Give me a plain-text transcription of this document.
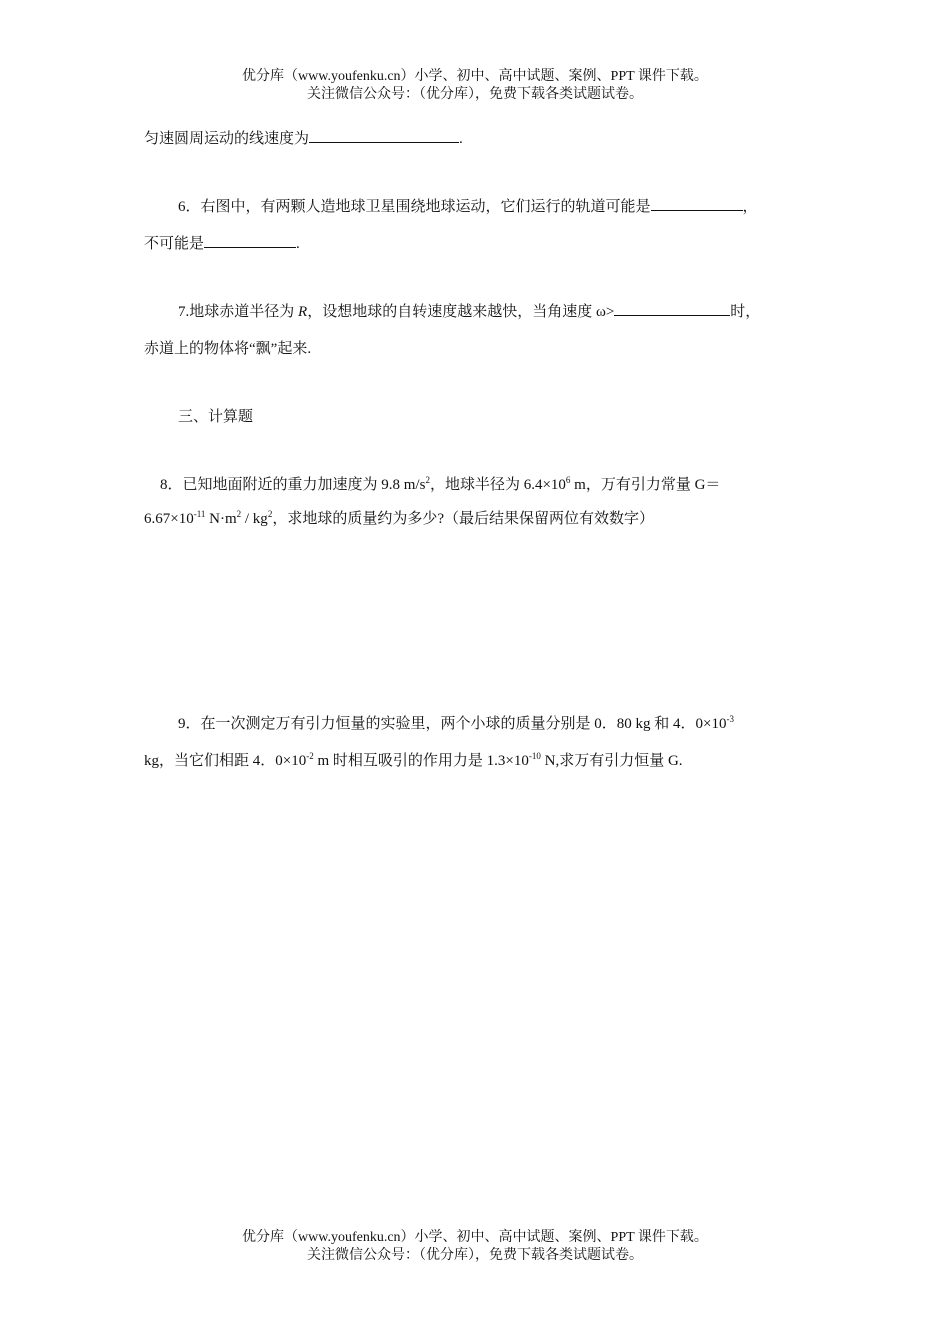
优分库（www.youfenku.cn）小学、初中、高中试题、案例、PPT 课件下载。
关注微信公众号：（优分库），免费下载各类试题试卷。
匀速圆周运动的线速度为	.
6．右图中，有两颗人造地球卫星围绕地球运动，它们运行的轨道可能是	，
不可能是	.
7.地球赤道半径为 R，设想地球的自转速度越来越快，当角速度 ω>	时，
赤道上的物体将“飘”起来.
三、计算题
8．已知地面附近的重力加速度为 9.8 $m/s^2$，地球半径为 $6.4\times 10^6$ m，万有引力常量 G＝
$6.67\times 10^{-11}$ $N\cdot m^2 / kg^2$，求地球的质量约为多少?（最后结果保留两位有效数字）
9．在一次测定万有引力恒量的实验里，两个小球的质量分别是 0．80 kg 和 4．$0\times 10^{-3}$
kg，当它们相距 4．$0\times 10^{-2}$ m 时相互吸引的作用力是 $1.3\times 10^{-10}$ N,求万有引力恒量 G.
优分库（www.youfenku.cn）小学、初中、高中试题、案例、PPT 课件下载。
关注微信公众号：（优分库），免费下载各类试题试卷。
